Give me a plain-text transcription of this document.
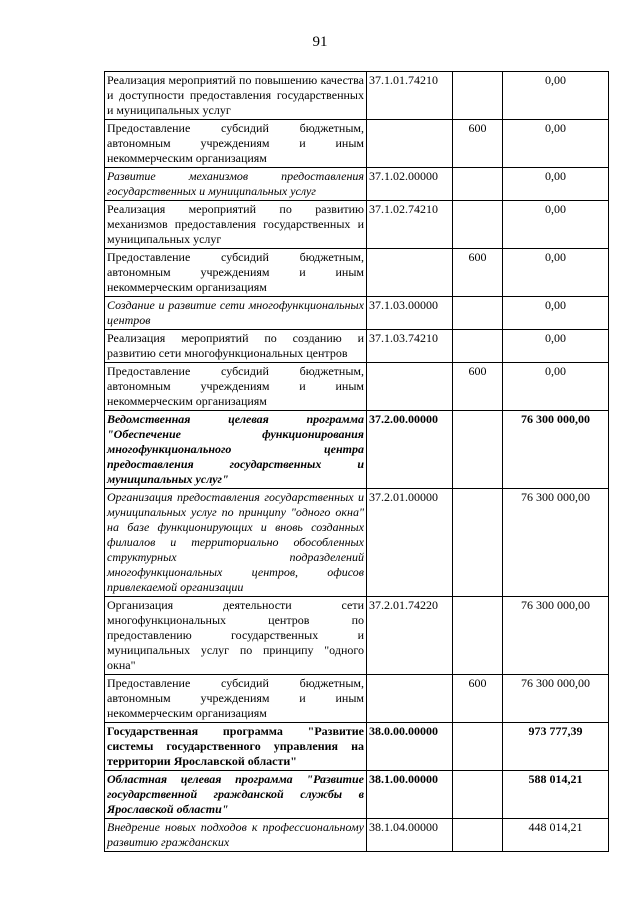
91
Реализация мероприятий по повышению качества и доступности предоставления государственных и муниципальных услуг	37.1.01.74210		0,00
Предоставление субсидий бюджетным, автономным учреждениям и иным некоммерческим организациям		600	0,00
Развитие механизмов предоставления государственных и муниципальных услуг	37.1.02.00000		0,00
Реализация мероприятий по развитию механизмов предоставления государственных и муниципальных услуг	37.1.02.74210		0,00
Предоставление субсидий бюджетным, автономным учреждениям и иным некоммерческим организациям		600	0,00
Создание и развитие сети многофункциональных центров	37.1.03.00000		0,00
Реализация мероприятий по созданию и развитию сети многофункциональных центров	37.1.03.74210		0,00
Предоставление субсидий бюджетным, автономным учреждениям и иным некоммерческим организациям		600	0,00
Ведомственная целевая программа "Обеспечение функционирования многофункционального центра предоставления государственных и муниципальных услуг"	37.2.00.00000		76 300 000,00
Организация предоставления государственных и муниципальных услуг по принципу "одного окна" на базе функционирующих и вновь созданных филиалов и территориально обособленных структурных подразделений многофункциональных центров, офисов привлекаемой организации	37.2.01.00000		76 300 000,00
Организация деятельности сети многофункциональных центров по предоставлению государственных и муниципальных услуг по принципу "одного окна"	37.2.01.74220		76 300 000,00
Предоставление субсидий бюджетным, автономным учреждениям и иным некоммерческим организациям		600	76 300 000,00
Государственная программа "Развитие системы государственного управления на территории Ярославской области"	38.0.00.00000		973 777,39
Областная целевая программа "Развитие государственной гражданской службы в Ярославской области"	38.1.00.00000		588 014,21
Внедрение новых подходов к профессиональному развитию гражданских	38.1.04.00000		448 014,21
